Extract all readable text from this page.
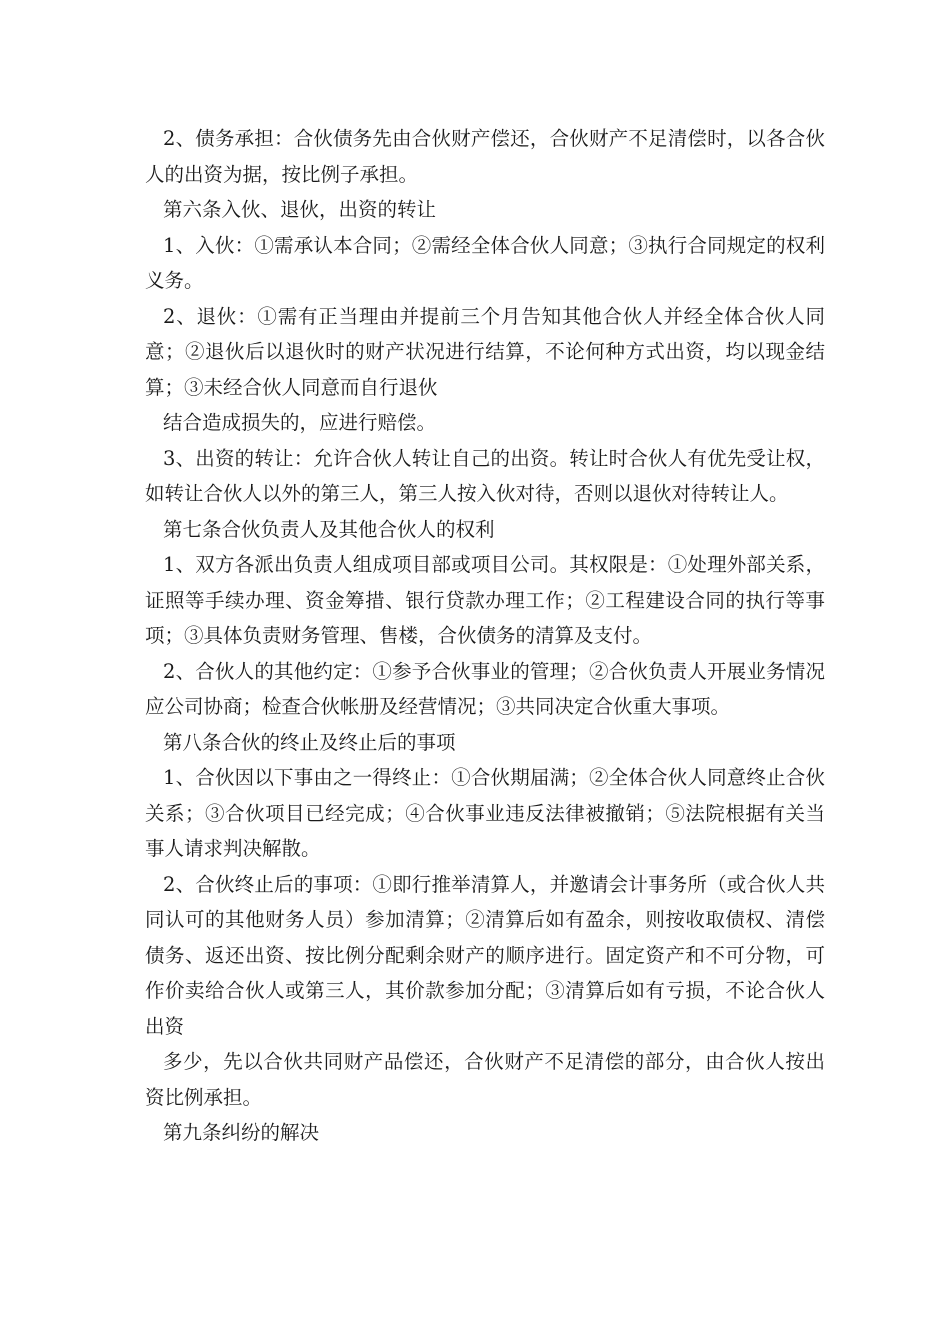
2、债务承担：合伙债务先由合伙财产偿还，合伙财产不足清偿时，以各合伙人的出资为据，按比例子承担。

第六条入伙、退伙，出资的转让

1、入伙：①需承认本合同；②需经全体合伙人同意；③执行合同规定的权利义务。

2、退伙：①需有正当理由并提前三个月告知其他合伙人并经全体合伙人同意；②退伙后以退伙时的财产状况进行结算，不论何种方式出资，均以现金结算；③未经合伙人同意而自行退伙

结合造成损失的，应进行赔偿。

3、出资的转让：允许合伙人转让自己的出资。转让时合伙人有优先受让权，如转让合伙人以外的第三人，第三人按入伙对待，否则以退伙对待转让人。

第七条合伙负责人及其他合伙人的权利

1、双方各派出负责人组成项目部或项目公司。其权限是：①处理外部关系，证照等手续办理、资金筹措、银行贷款办理工作；②工程建设合同的执行等事项；③具体负责财务管理、售楼，合伙债务的清算及支付。

2、合伙人的其他约定：①参予合伙事业的管理；②合伙负责人开展业务情况应公司协商；检查合伙帐册及经营情况；③共同决定合伙重大事项。

第八条合伙的终止及终止后的事项

1、合伙因以下事由之一得终止：①合伙期届满；②全体合伙人同意终止合伙关系；③合伙项目已经完成；④合伙事业违反法律被撤销；⑤法院根据有关当事人请求判决解散。

2、合伙终止后的事项：①即行推举清算人，并邀请会计事务所（或合伙人共同认可的其他财务人员）参加清算；②清算后如有盈余，则按收取债权、清偿债务、返还出资、按比例分配剩余财产的顺序进行。固定资产和不可分物，可作价卖给合伙人或第三人，其价款参加分配；③清算后如有亏损，不论合伙人出资

多少，先以合伙共同财产品偿还，合伙财产不足清偿的部分，由合伙人按出资比例承担。

第九条纠纷的解决
